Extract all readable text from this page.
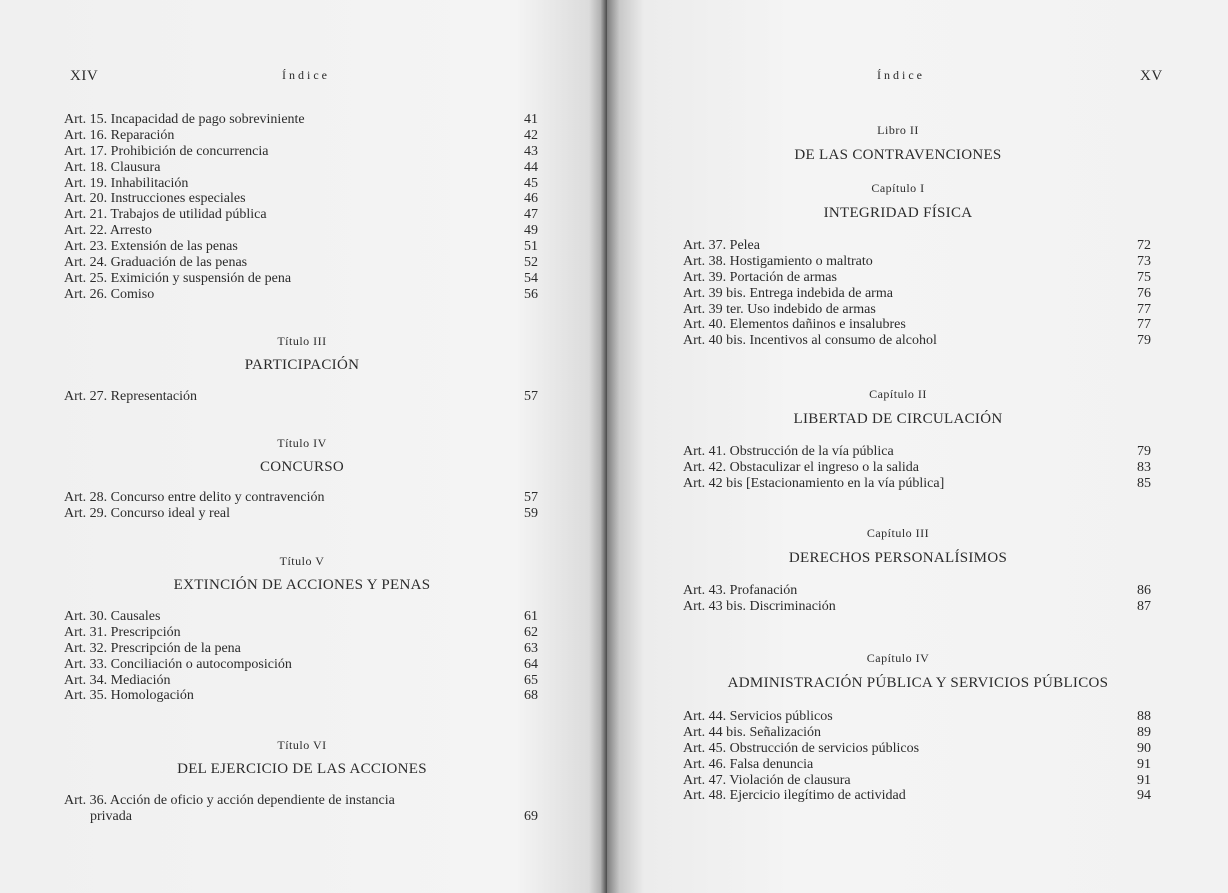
XIV	Índice
Art. 15. Incapacidad de pago sobreviniente	41
Art. 16. Reparación	42
Art. 17. Prohibición de concurrencia	43
Art. 18. Clausura	44
Art. 19. Inhabilitación	45
Art. 20. Instrucciones especiales	46
Art. 21. Trabajos de utilidad pública	47
Art. 22. Arresto	49
Art. 23. Extensión de las penas	51
Art. 24. Graduación de las penas	52
Art. 25. Eximición y suspensión de pena	54
Art. 26. Comiso	56
Título III
PARTICIPACIÓN
Art. 27. Representación	57
Título IV
CONCURSO
Art. 28. Concurso entre delito y contravención	57
Art. 29. Concurso ideal y real	59
Título V
EXTINCIÓN DE ACCIONES Y PENAS
Art. 30. Causales	61
Art. 31. Prescripción	62
Art. 32. Prescripción de la pena	63
Art. 33. Conciliación o autocomposición	64
Art. 34. Mediación	65
Art. 35. Homologación	68
Título VI
DEL EJERCICIO DE LAS ACCIONES
Art. 36. Acción de oficio y acción dependiente de instancia
privada	69
Índice	XV
Libro II
DE LAS CONTRAVENCIONES
Capítulo I
INTEGRIDAD FÍSICA
Art. 37. Pelea	72
Art. 38. Hostigamiento o maltrato	73
Art. 39. Portación de armas	75
Art. 39 bis. Entrega indebida de arma	76
Art. 39 ter. Uso indebido de armas	77
Art. 40. Elementos dañinos e insalubres	77
Art. 40 bis. Incentivos al consumo de alcohol	79
Capítulo II
LIBERTAD DE CIRCULACIÓN
Art. 41. Obstrucción de la vía pública	79
Art. 42. Obstaculizar el ingreso o la salida	83
Art. 42 bis [Estacionamiento en la vía pública]	85
Capítulo III
DERECHOS PERSONALÍSIMOS
Art. 43. Profanación	86
Art. 43 bis. Discriminación	87
Capítulo IV
ADMINISTRACIÓN PÚBLICA Y SERVICIOS PÚBLICOS
Art. 44. Servicios públicos	88
Art. 44 bis. Señalización	89
Art. 45. Obstrucción de servicios públicos	90
Art. 46. Falsa denuncia	91
Art. 47. Violación de clausura	91
Art. 48. Ejercicio ilegítimo de actividad	94
